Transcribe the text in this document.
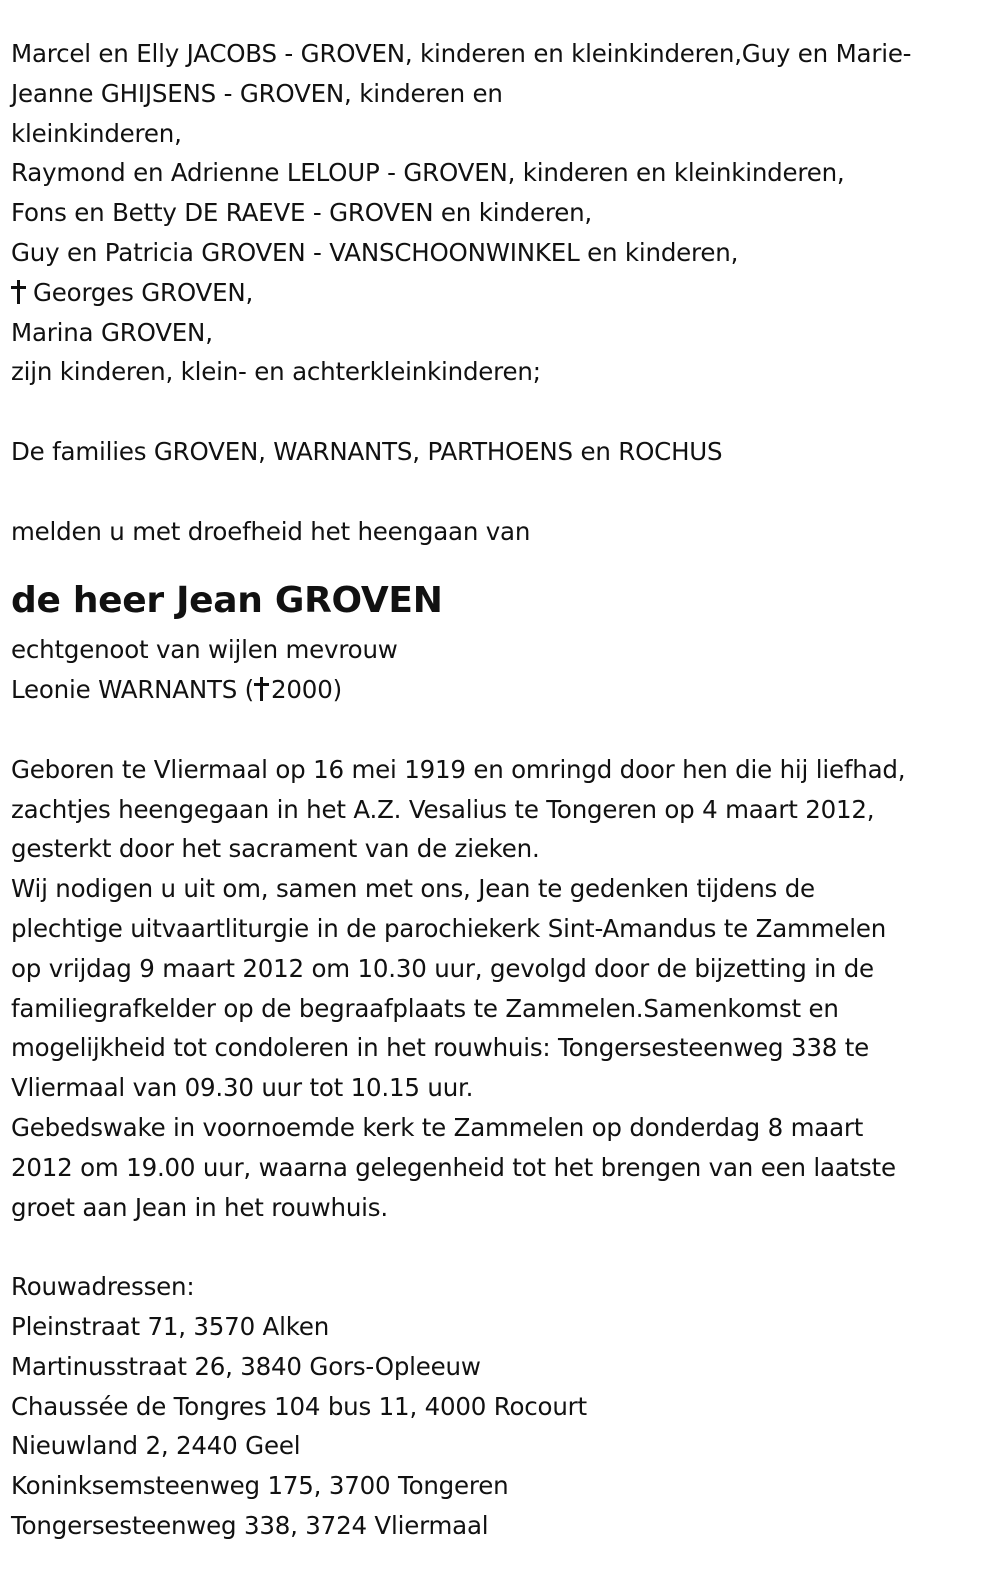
Marcel en Elly JACOBS - GROVEN, kinderen en kleinkinderen,Guy en Marie-
Jeanne GHIJSENS - GROVEN, kinderen en
kleinkinderen,
Raymond en Adrienne LELOUP - GROVEN, kinderen en kleinkinderen,
Fons en Betty DE RAEVE - GROVEN en kinderen,
Guy en Patricia GROVEN - VANSCHOONWINKEL en kinderen,
Georges GROVEN,
Marina GROVEN,
zijn kinderen, klein- en achterkleinkinderen;
De families GROVEN, WARNANTS, PARTHOENS en ROCHUS
melden u met droefheid het heengaan van
de heer Jean GROVEN
echtgenoot van wijlen mevrouw
Leonie WARNANTS ( 2000)
Geboren te Vliermaal op 16 mei 1919 en omringd door hen die hij liefhad,
zachtjes heengegaan in het A.Z. Vesalius te Tongeren op 4 maart 2012,
gesterkt door het sacrament van de zieken.
Wij nodigen u uit om, samen met ons, Jean te gedenken tijdens de
plechtige uitvaartliturgie in de parochiekerk Sint-Amandus te Zammelen
op vrijdag 9 maart 2012 om 10.30 uur, gevolgd door de bijzetting in de
familiegrafkelder op de begraafplaats te Zammelen.Samenkomst en
mogelijkheid tot condoleren in het rouwhuis: Tongersesteenweg 338 te
Vliermaal van 09.30 uur tot 10.15 uur.
Gebedswake in voornoemde kerk te Zammelen op donderdag 8 maart
2012 om 19.00 uur, waarna gelegenheid tot het brengen van een laatste
groet aan Jean in het rouwhuis.
Rouwadressen:
Pleinstraat 71, 3570 Alken
Martinusstraat 26, 3840 Gors-Opleeuw
Chaussée de Tongres 104 bus 11, 4000 Rocourt
Nieuwland 2, 2440 Geel
Koninksemsteenweg 175, 3700 Tongeren
Tongersesteenweg 338, 3724 Vliermaal
